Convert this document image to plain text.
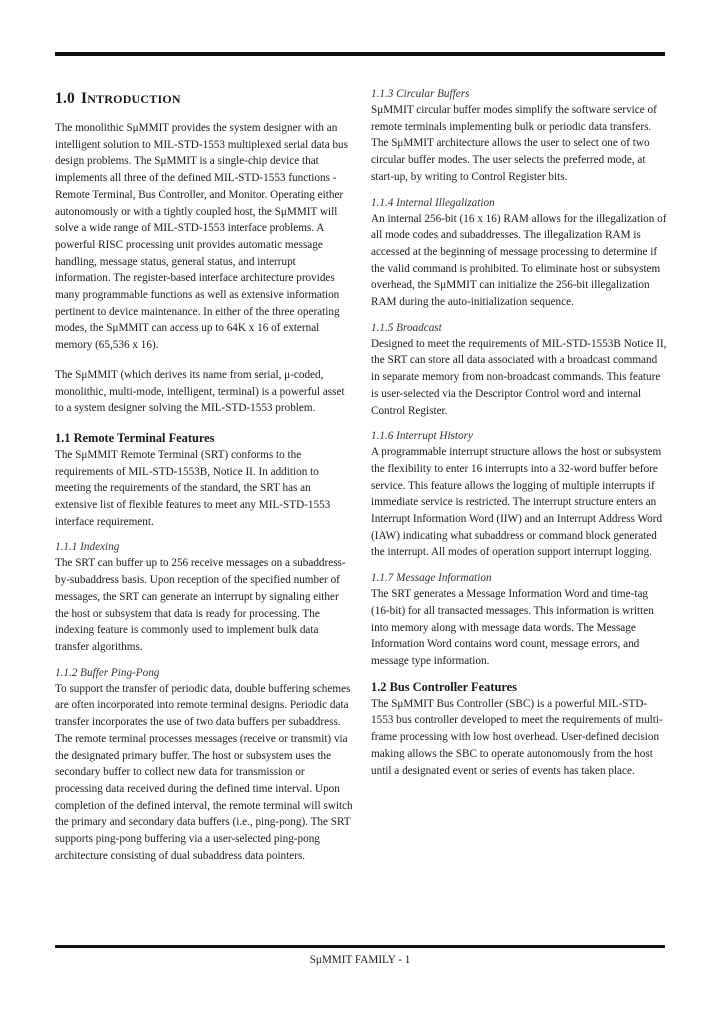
1.0 INTRODUCTION

The monolithic SμMMIT provides the system designer with an intelligent solution to MIL-STD-1553 multiplexed serial data bus design problems. The SμMMIT is a single-chip device that implements all three of the defined MIL-STD-1553 functions - Remote Terminal, Bus Controller, and Monitor. Operating either autonomously or with a tightly coupled host, the SμMMIT will solve a wide range of MIL-STD-1553 interface problems. A powerful RISC processing unit provides automatic message handling, message status, general status, and interrupt information. The register-based interface architecture provides many programmable functions as well as extensive information pertinent to device maintenance. In either of the three operating modes, the SμMMIT can access up to 64K x 16 of external memory (65,536 x 16).

The SμMMIT (which derives its name from serial, μ-coded, monolithic, multi-mode, intelligent, terminal) is a powerful asset to a system designer solving the MIL-STD-1553 problem.

1.1 Remote Terminal Features

The SμMMIT Remote Terminal (SRT) conforms to the requirements of MIL-STD-1553B, Notice II. In addition to meeting the requirements of the standard, the SRT has an extensive list of flexible features to meet any MIL-STD-1553 interface requirement.

1.1.1 Indexing

The SRT can buffer up to 256 receive messages on a subaddress-by-subaddress basis. Upon reception of the specified number of messages, the SRT can generate an interrupt by signaling either the host or subsystem that data is ready for processing. The indexing feature is commonly used to implement bulk data transfer algorithms.

1.1.2 Buffer Ping-Pong

To support the transfer of periodic data, double buffering schemes are often incorporated into remote terminal designs. Periodic data transfer incorporates the use of two data buffers per subaddress. The remote terminal processes messages (receive or transmit) via the designated primary buffer. The host or subsystem uses the secondary buffer to collect new data for transmission or processing data received during the defined time interval. Upon completion of the defined interval, the remote terminal will switch the primary and secondary data buffers (i.e., ping-pong). The SRT supports ping-pong buffering via a user-selected ping-pong architecture consisting of dual subaddress data pointers.

1.1.3 Circular Buffers

SμMMIT circular buffer modes simplify the software service of remote terminals implementing bulk or periodic data transfers. The SμMMIT architecture allows the user to select one of two circular buffer modes. The user selects the preferred mode, at start-up, by writing to Control Register bits.

1.1.4 Internal Illegalization

An internal 256-bit (16 x 16) RAM allows for the illegalization of all mode codes and subaddresses. The illegalization RAM is accessed at the beginning of message processing to determine if the valid command is prohibited. To eliminate host or subsystem overhead, the SμMMIT can initialize the 256-bit illegalization RAM during the auto-initialization sequence.

1.1.5 Broadcast

Designed to meet the requirements of MIL-STD-1553B Notice II, the SRT can store all data associated with a broadcast command in separate memory from non-broadcast commands. This feature is user-selected via the Descriptor Control word and internal Control Register.

1.1.6 Interrupt History

A programmable interrupt structure allows the host or subsystem the flexibility to enter 16 interrupts into a 32-word buffer before service. This feature allows the logging of multiple interrupts if immediate service is restricted. The interrupt structure enters an Interrupt Information Word (IIW) and an Interrupt Address Word (IAW) indicating what subaddress or command block generated the interrupt. All modes of operation support interrupt logging.

1.1.7 Message Information

The SRT generates a Message Information Word and time-tag (16-bit) for all transacted messages. This information is written into memory along with message data words. The Message Information Word contains word count, message errors, and message type information.

1.2 Bus Controller Features

The SμMMIT Bus Controller (SBC) is a powerful MIL-STD-1553 bus controller developed to meet the requirements of multi-frame processing with low host overhead. User-defined decision making allows the SBC to operate autonomously from the host until a designated event or series of events has taken place.

SμMMIT FAMILY - 1
